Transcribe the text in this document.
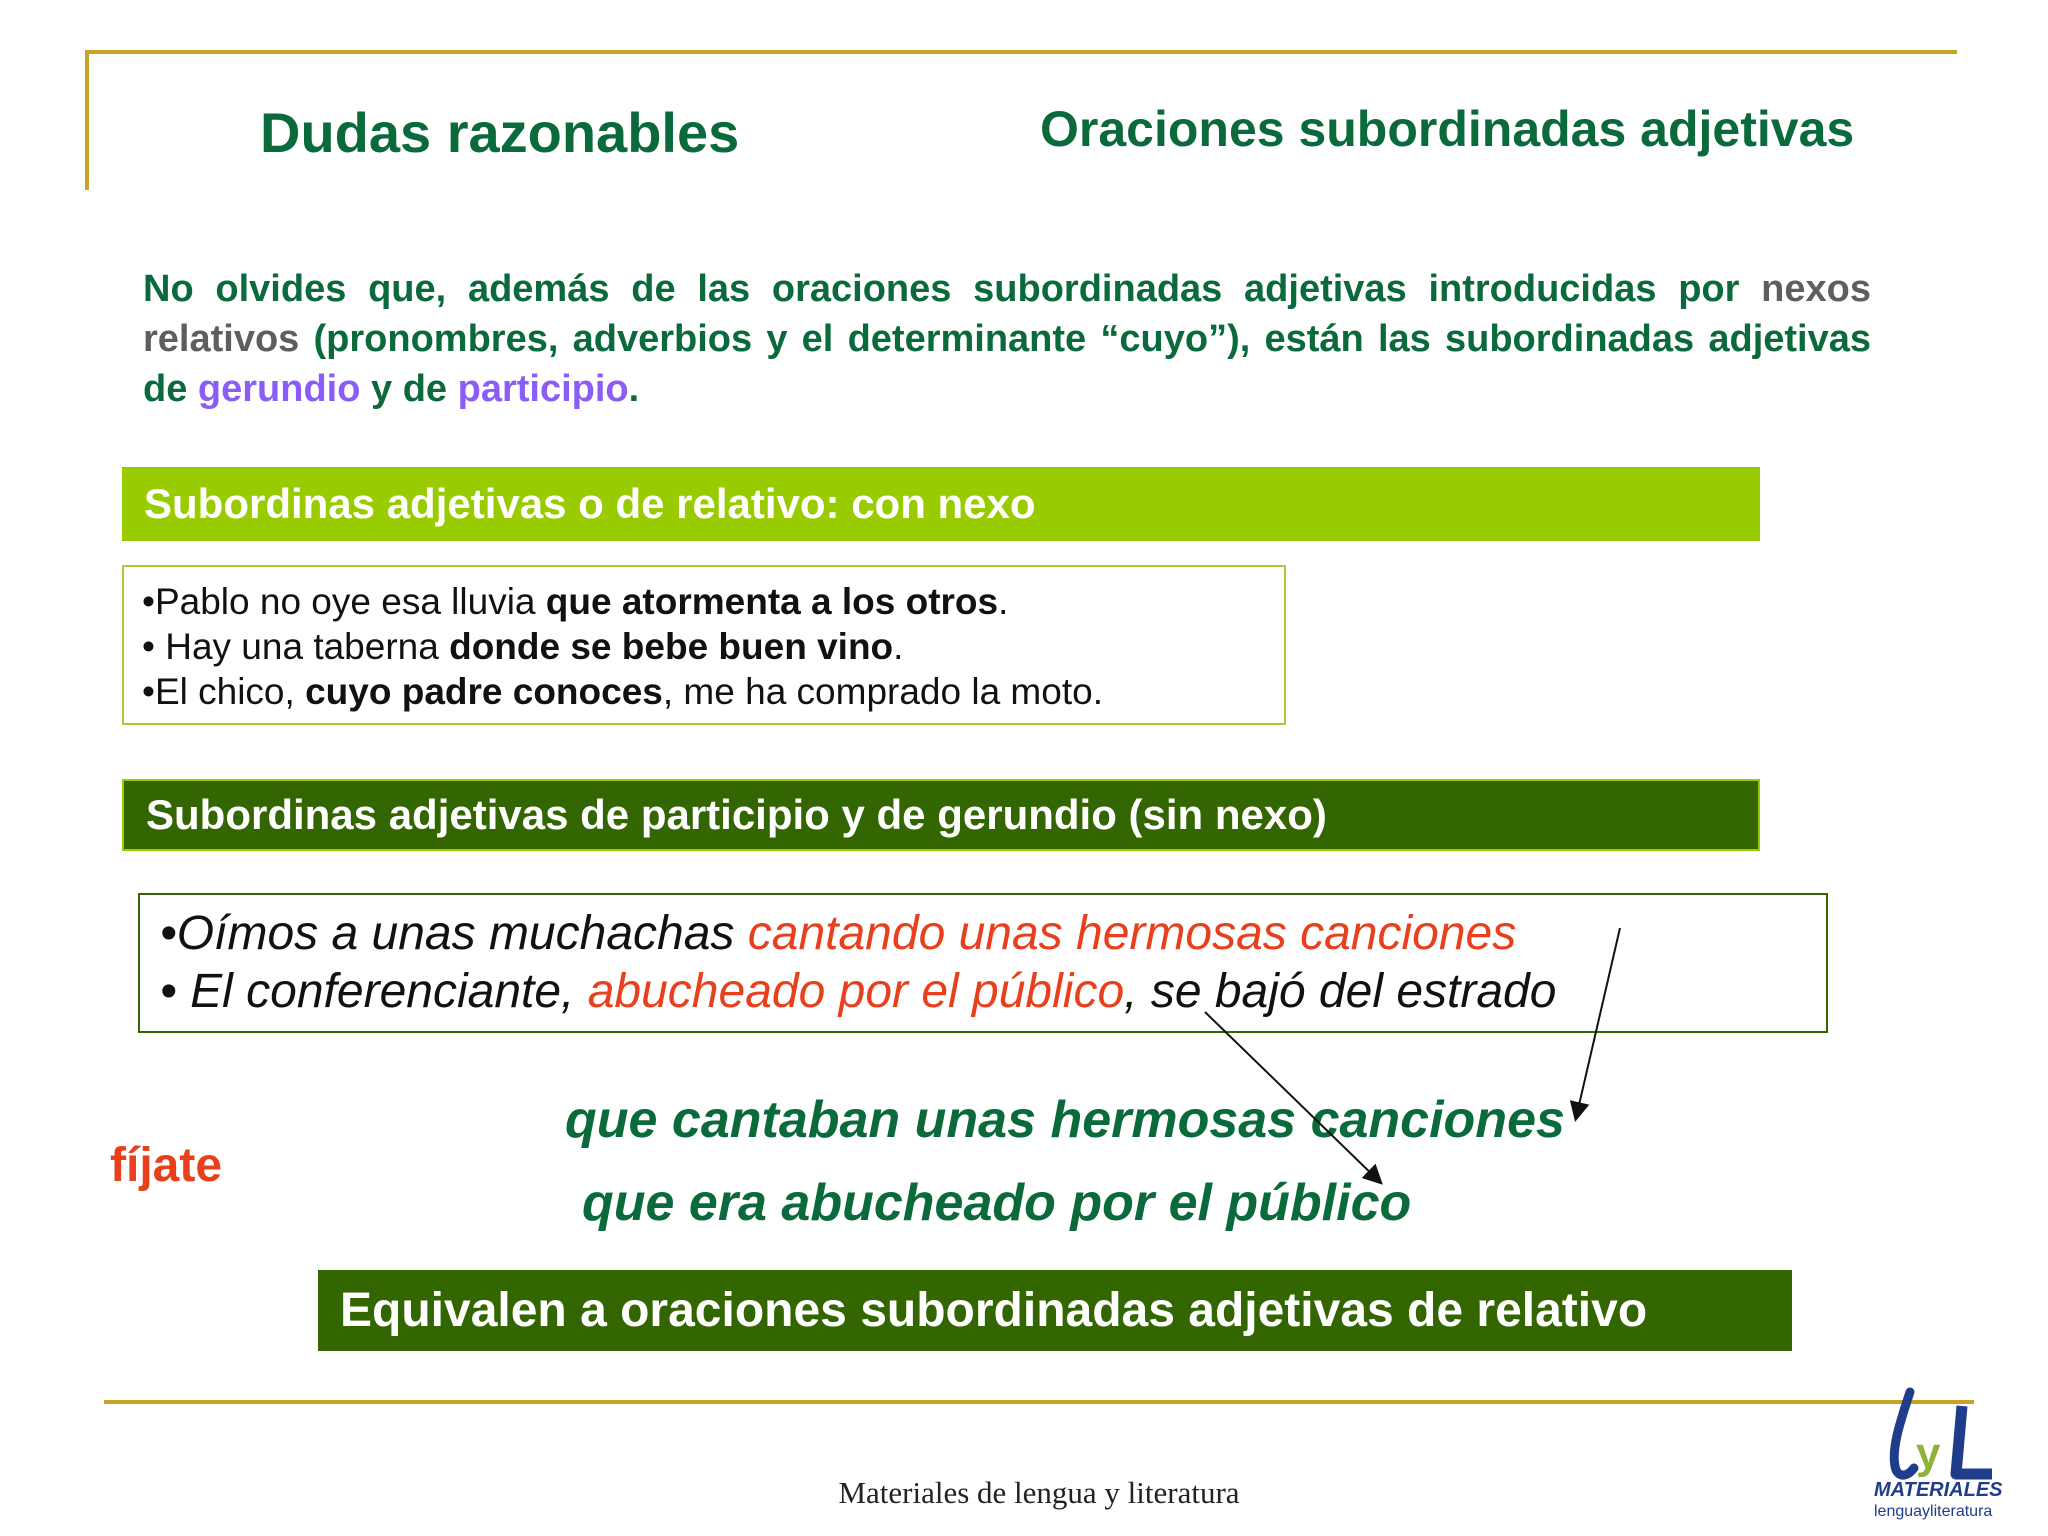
Dudas razonables	Oraciones subordinadas adjetivas
No olvides que, además de las oraciones subordinadas adjetivas introducidas por nexos relativos (pronombres, adverbios y el determinante “cuyo”), están las subordinadas adjetivas de gerundio y de participio.
Subordinas adjetivas o de relativo: con nexo
•Pablo no oye esa lluvia que atormenta a los otros.
• Hay una taberna donde se bebe buen vino.
•El chico, cuyo padre conoces, me ha comprado la moto.
Subordinas adjetivas de participio y de gerundio (sin nexo)
•Oímos a unas muchachas cantando unas hermosas canciones
• El conferenciante, abucheado por el público, se bajó del estrado
fíjate
que cantaban unas hermosas canciones
que era abucheado por el público
Equivalen a oraciones subordinadas adjetivas de relativo
Materiales de lengua y literatura
y
MATERIALES
lenguayliteratura
